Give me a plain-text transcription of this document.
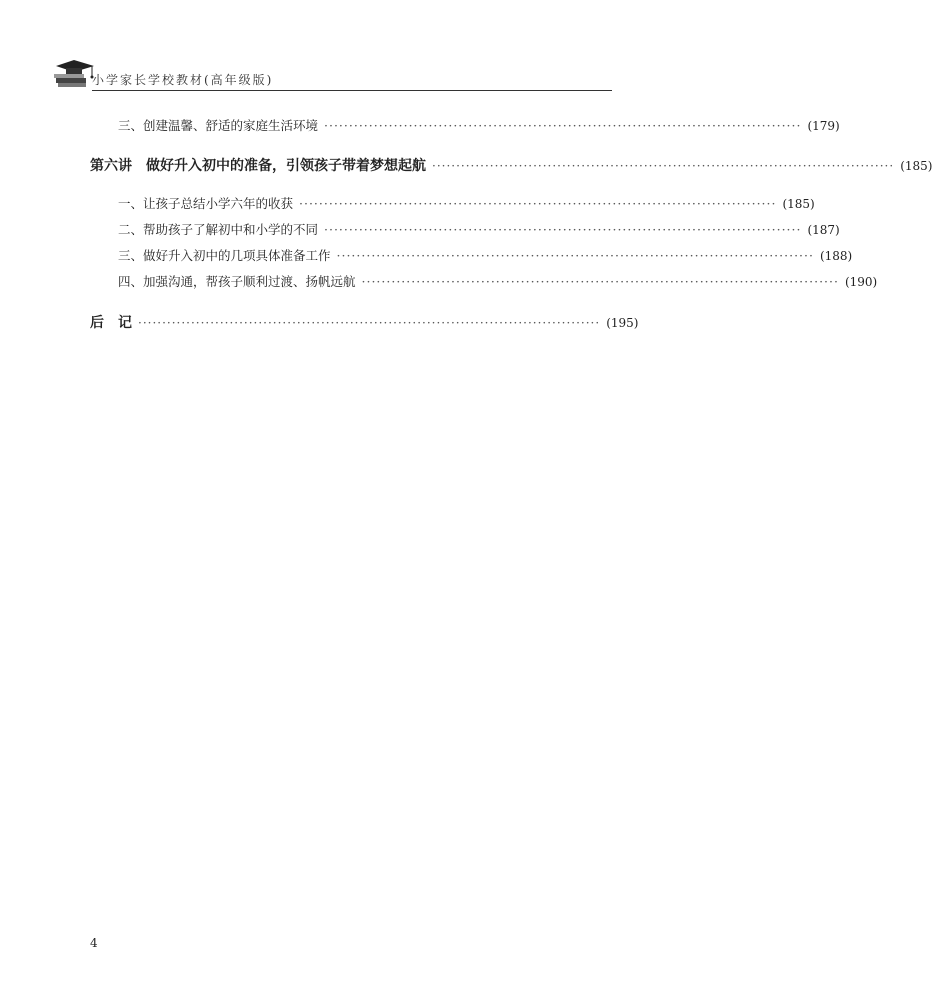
小学家长学校教材(高年级版)
三、创建温馨、舒适的家庭生活环境 ································································································ (179)
第六讲　做好升入初中的准备，引领孩子带着梦想起航 ································································································ (185)
一、让孩子总结小学六年的收获 ································································································ (185)
二、帮助孩子了解初中和小学的不同 ································································································ (187)
三、做好升入初中的几项具体准备工作 ································································································ (188)
四、加强沟通，帮孩子顺利过渡、扬帆远航 ································································································ (190)
后　记 ································································································ (195)
4
